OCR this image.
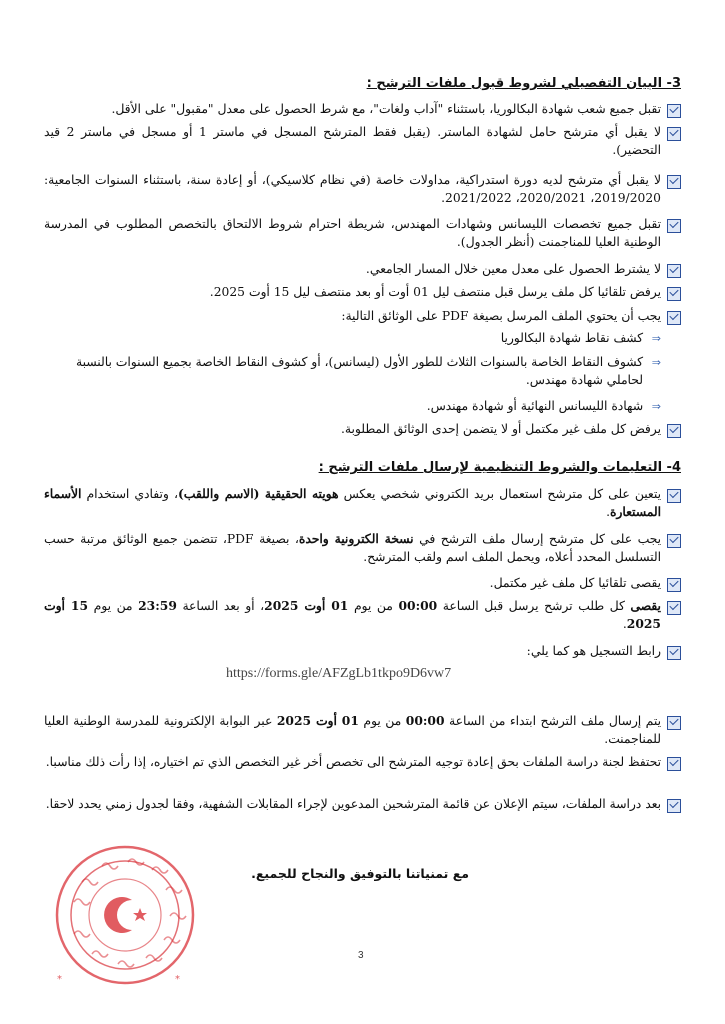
3- البيان التفصيلي لشروط قبول ملفات الترشح :
تقبل جميع شعب شهادة البكالوريا، باستثناء "آداب ولغات"، مع شرط الحصول على معدل "مقبول" على الأقل.
لا يقبل أي مترشح حامل لشهادة الماستر. (يقبل فقط المترشح المسجل في ماستر 1 أو مسجل في ماستر 2 قيد التحضير).
لا يقبل أي مترشح لديه دورة استدراكية، مداولات خاصة (في نظام كلاسيكي)، أو إعادة سنة، باستثناء السنوات الجامعية: 2019/2020، 2020/2021، 2021/2022.
تقبل جميع تخصصات الليسانس وشهادات المهندس، شريطة احترام شروط الالتحاق بالتخصص المطلوب في المدرسة الوطنية العليا للمناجمنت (أنظر الجدول).
لا يشترط الحصول على معدل معين خلال المسار الجامعي.
يرفض تلقائيا كل ملف يرسل قبل منتصف ليل 01 أوت أو بعد منتصف ليل 15 أوت 2025.
يجب أن يحتوي الملف المرسل بصيغة PDF على الوثائق التالية:
⇒
كشف نقاط شهادة البكالوريا
⇒
كشوف النقاط الخاصة بالسنوات الثلاث للطور الأول (ليسانس)، أو كشوف النقاط الخاصة بجميع السنوات بالنسبة لحاملي شهادة مهندس.
⇒
شهادة الليسانس النهائية أو شهادة مهندس.
يرفض كل ملف غير مكتمل أو لا يتضمن إحدى الوثائق المطلوبة.
4- التعليمات والشروط التنظيمية لإرسال ملفات الترشح :
يتعين على كل مترشح استعمال بريد الكتروني شخصي يعكس هويته الحقيقية (الاسم واللقب)، وتفادي استخدام الأسماء المستعارة.
يجب على كل مترشح إرسال ملف الترشح في نسخة الكترونية واحدة، بصيغة PDF، تتضمن جميع الوثائق مرتبة حسب التسلسل المحدد أعلاه، ويحمل الملف اسم ولقب المترشح.
يقصى تلقائيا كل ملف غير مكتمل.
يقصى كل طلب ترشح يرسل قبل الساعة 00:00 من يوم 01 أوت 2025، أو بعد الساعة 23:59 من يوم 15 أوت 2025.
رابط التسجيل هو كما يلي:
https://forms.gle/AFZgLb1tkpo9D6vw7
يتم إرسال ملف الترشح ابتداء من الساعة 00:00 من يوم 01 أوت 2025 عبر البوابة الإلكترونية للمدرسة الوطنية العليا للمناجمنت.
تحتفظ لجنة دراسة الملفات بحق إعادة توجيه المترشح الى تخصص أخر غير التخصص الذي تم اختياره، إذا رأت ذلك مناسبا.
بعد دراسة الملفات، سيتم الإعلان عن قائمة المترشحين المدعوين لإجراء المقابلات الشفهية، وفقا لجدول زمني يحدد لاحقا.
مع تمنياتنا بالتوفيق والنجاح للجميع.
*	*
3
